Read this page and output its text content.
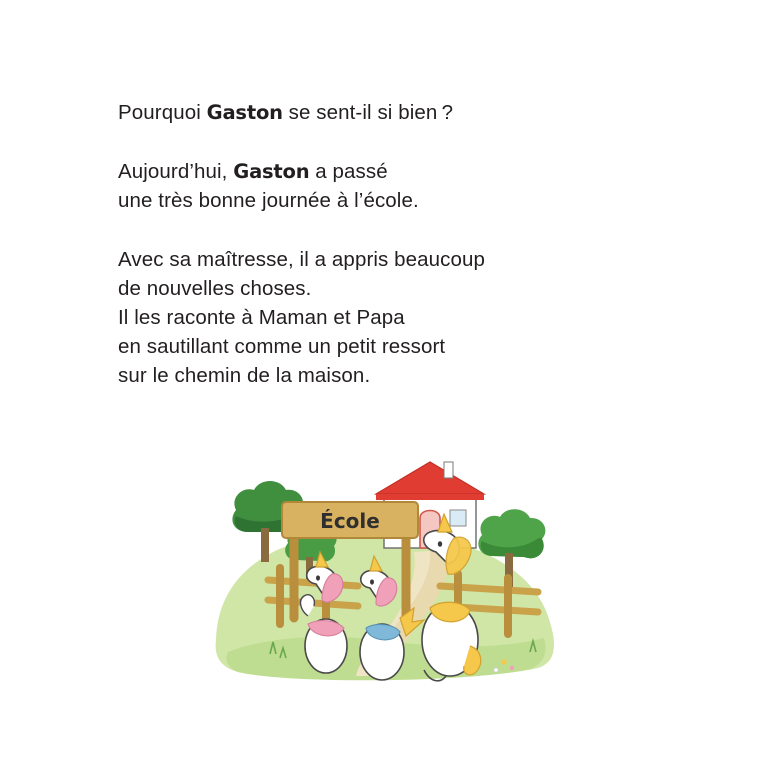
Pourquoi Gaston se sent-il si bien ?

Aujourd’hui, Gaston a passé
une très bonne journée à l’école.

Avec sa maîtresse, il a appris beaucoup
de nouvelles choses.
Il les raconte à Maman et Papa
en sautillant comme un petit ressort
sur le chemin de la maison.

École
